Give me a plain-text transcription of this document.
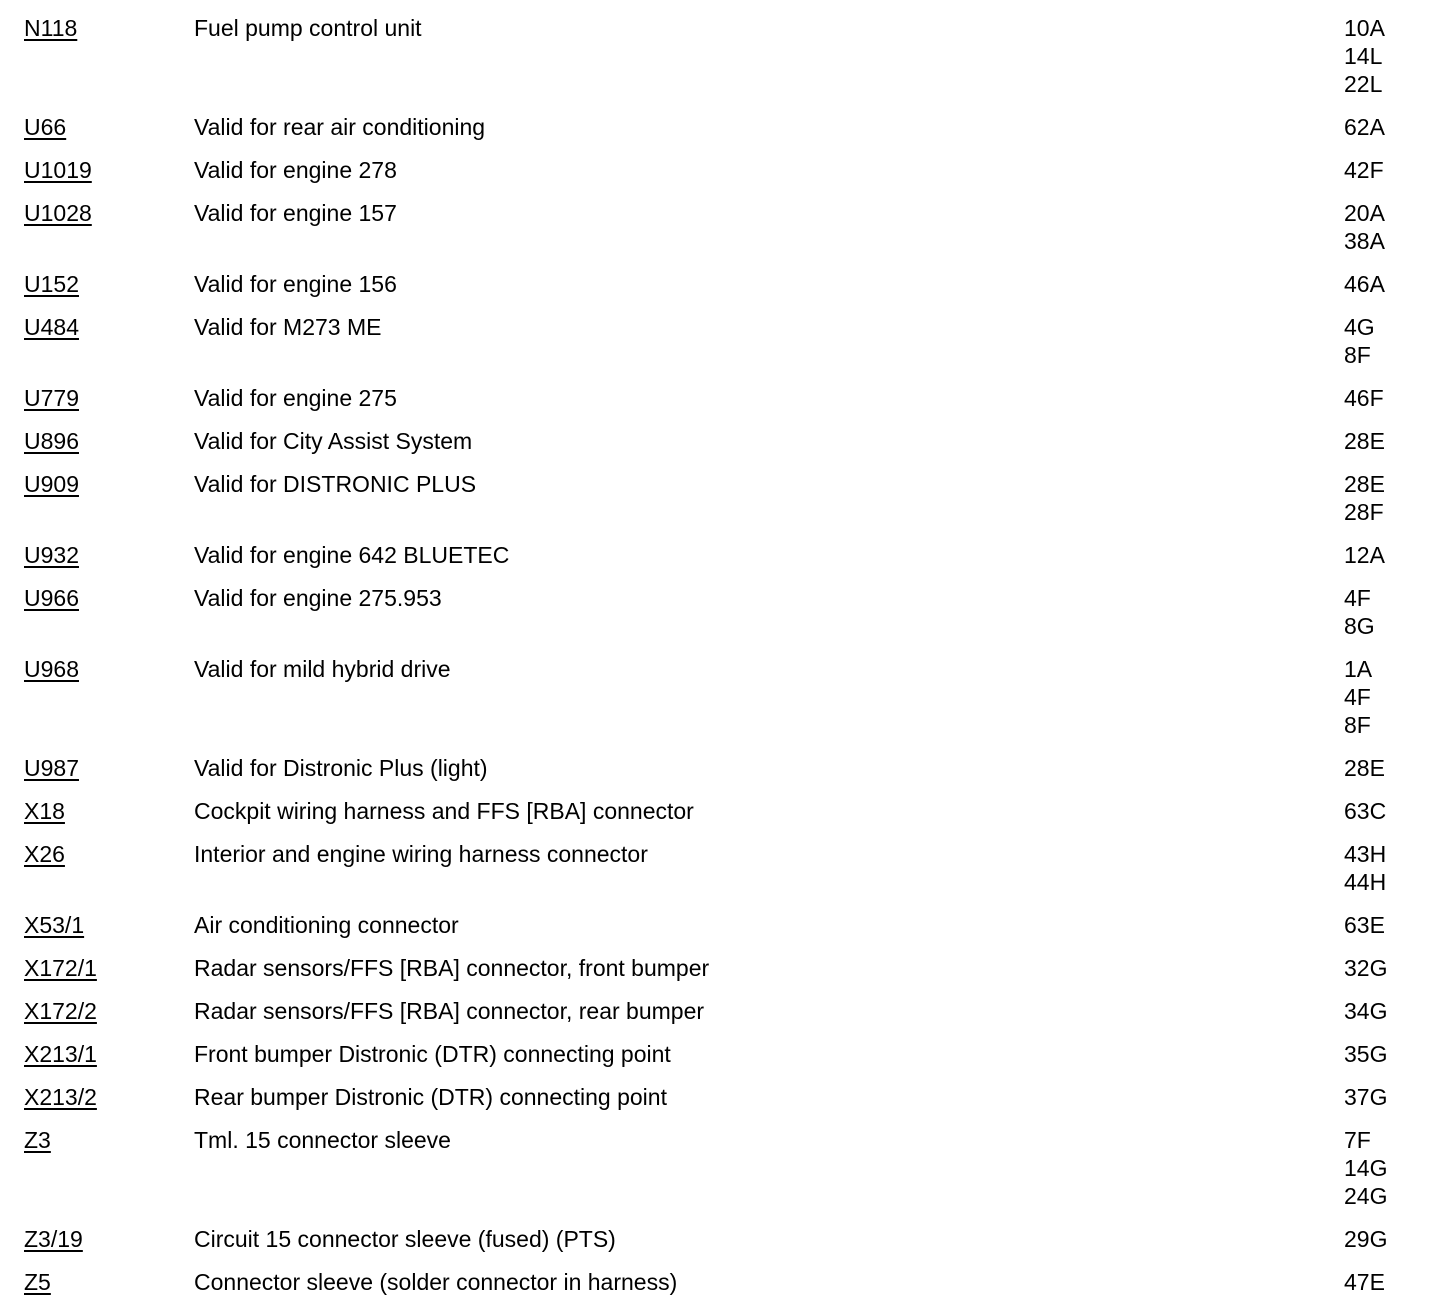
N118	Fuel pump control unit	10A
14L
22L
U66	Valid for rear air conditioning	62A
U1019	Valid for engine 278	42F
U1028	Valid for engine 157	20A
38A
U152	Valid for engine 156	46A
U484	Valid for M273 ME	4G
8F
U779	Valid for engine 275	46F
U896	Valid for City Assist System	28E
U909	Valid for DISTRONIC PLUS	28E
28F
U932	Valid for engine 642 BLUETEC	12A
U966	Valid for engine 275.953	4F
8G
U968	Valid for mild hybrid drive	1A
4F
8F
U987	Valid for Distronic Plus (light)	28E
X18	Cockpit wiring harness and FFS [RBA] connector	63C
X26	Interior and engine wiring harness connector	43H
44H
X53/1	Air conditioning connector	63E
X172/1	Radar sensors/FFS [RBA] connector, front bumper	32G
X172/2	Radar sensors/FFS [RBA] connector, rear bumper	34G
X213/1	Front bumper Distronic (DTR) connecting point	35G
X213/2	Rear bumper Distronic (DTR) connecting point	37G
Z3	Tml. 15 connector sleeve	7F
14G
24G
Z3/19	Circuit 15 connector sleeve (fused) (PTS)	29G
Z5	Connector sleeve (solder connector in harness)	47E
